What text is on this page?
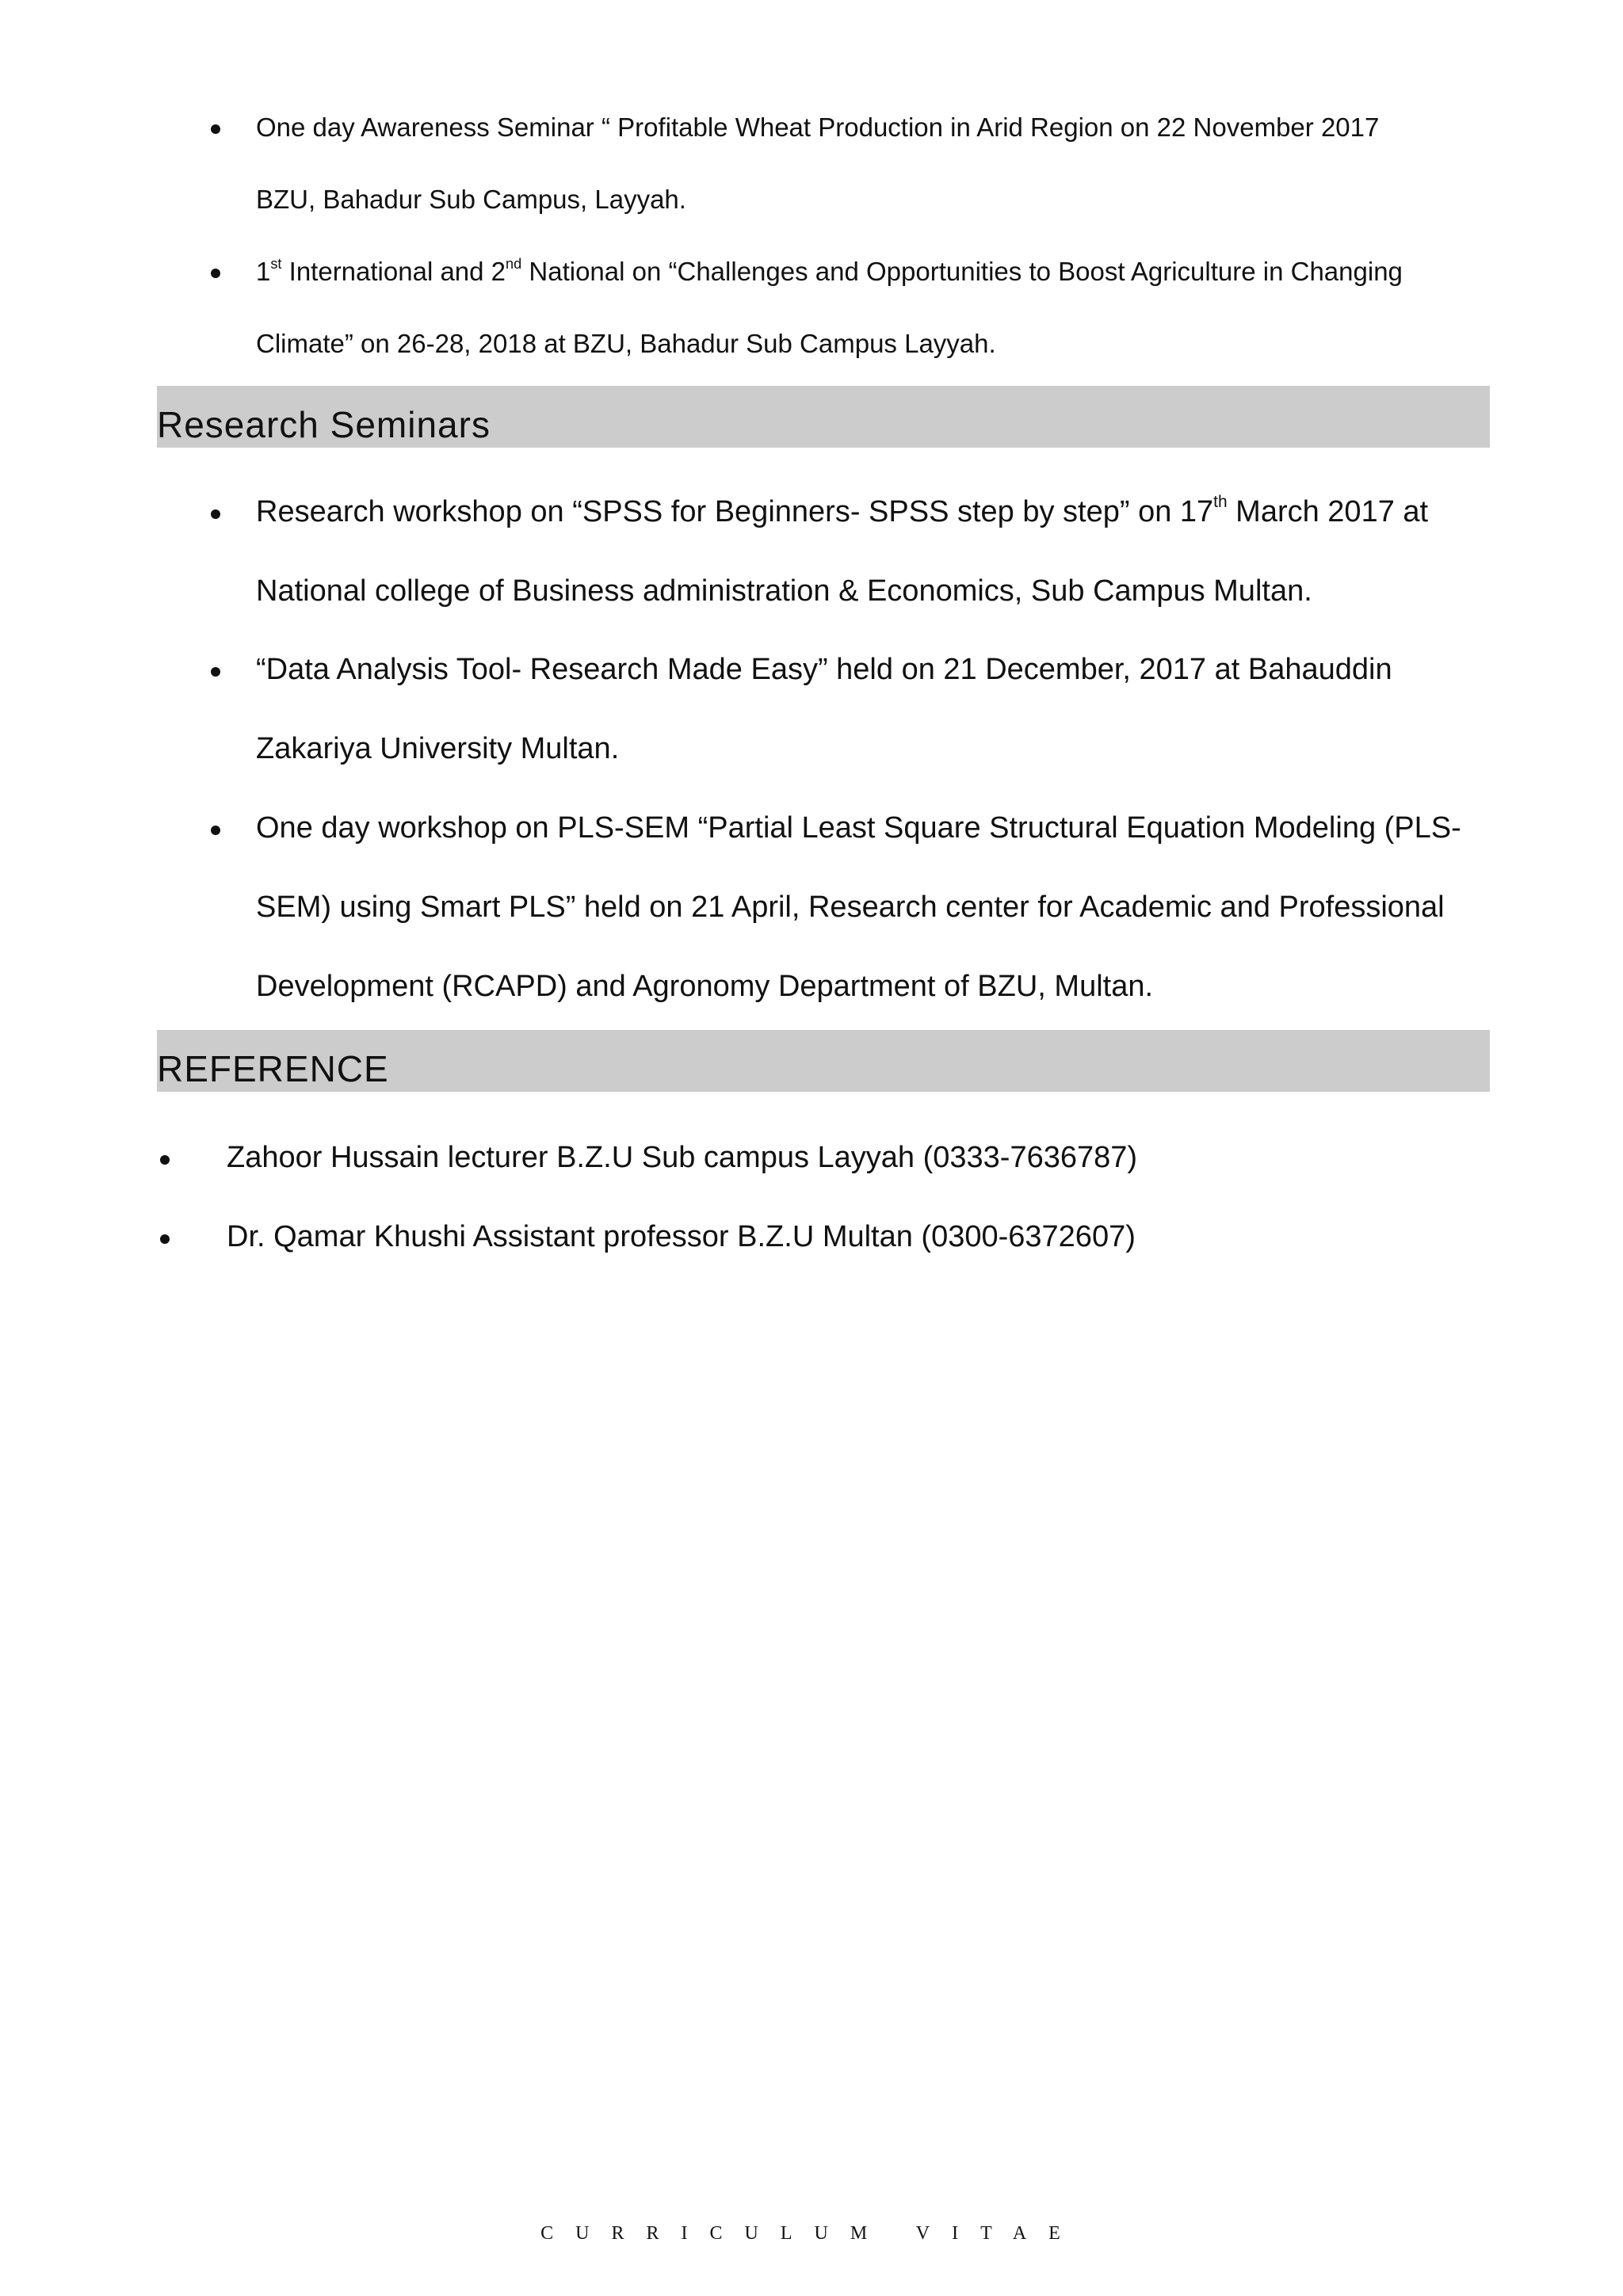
One day Awareness Seminar “ Profitable Wheat Production in Arid Region on 22 November 2017
BZU, Bahadur Sub Campus, Layyah.
1st International and 2nd National on “Challenges and Opportunities to Boost Agriculture in Changing
Climate” on 26-28, 2018 at BZU, Bahadur Sub Campus Layyah.
Research Seminars
Research workshop on “SPSS for Beginners- SPSS step by step” on 17th March 2017 at
National college of Business administration & Economics, Sub Campus Multan.
“Data Analysis Tool- Research Made Easy” held on 21 December, 2017 at Bahauddin
Zakariya University Multan.
One day workshop on PLS-SEM “Partial Least Square Structural Equation Modeling (PLS-
SEM) using Smart PLS” held on 21 April, Research center for Academic and Professional
Development (RCAPD) and Agronomy Department of BZU, Multan.
REFERENCE
Zahoor Hussain lecturer B.Z.U Sub campus Layyah (0333-7636787)
Dr. Qamar Khushi Assistant professor B.Z.U Multan (0300-6372607)
CURRICULUM VITAE
